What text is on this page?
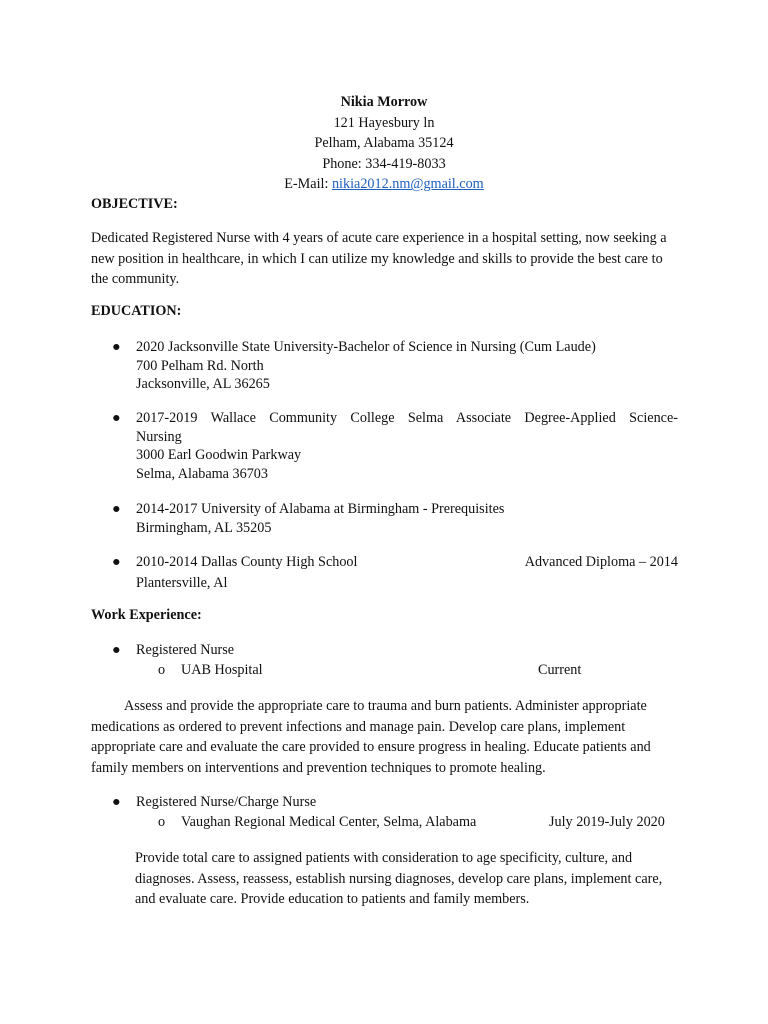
Nikia Morrow
121 Hayesbury ln
Pelham, Alabama 35124
Phone: 334-419-8033
E-Mail: nikia2012.nm@gmail.com
OBJECTIVE:
Dedicated Registered Nurse with 4 years of acute care experience in a hospital setting, now seeking a new position in healthcare, in which I can utilize my knowledge and skills to provide the best care to the community.
EDUCATION:
● 2020 Jacksonville State University-Bachelor of Science in Nursing (Cum Laude)
700 Pelham Rd. North
Jacksonville, AL 36265
● 2017-2019 Wallace Community College Selma Associate Degree-Applied Science-
Nursing
3000 Earl Goodwin Parkway
Selma, Alabama 36703
● 2014-2017 University of Alabama at Birmingham - Prerequisites
Birmingham, AL 35205
● 2010-2014 Dallas County High School	Advanced Diploma – 2014
Plantersville, Al
Work Experience:
● Registered Nurse
o UAB Hospital	Current
Assess and provide the appropriate care to trauma and burn patients. Administer appropriate medications as ordered to prevent infections and manage pain. Develop care plans, implement appropriate care and evaluate the care provided to ensure progress in healing. Educate patients and family members on interventions and prevention techniques to promote healing.
● Registered Nurse/Charge Nurse
o Vaughan Regional Medical Center, Selma, Alabama	July 2019-July 2020
Provide total care to assigned patients with consideration to age specificity, culture, and diagnoses. Assess, reassess, establish nursing diagnoses, develop care plans, implement care, and evaluate care. Provide education to patients and family members.
